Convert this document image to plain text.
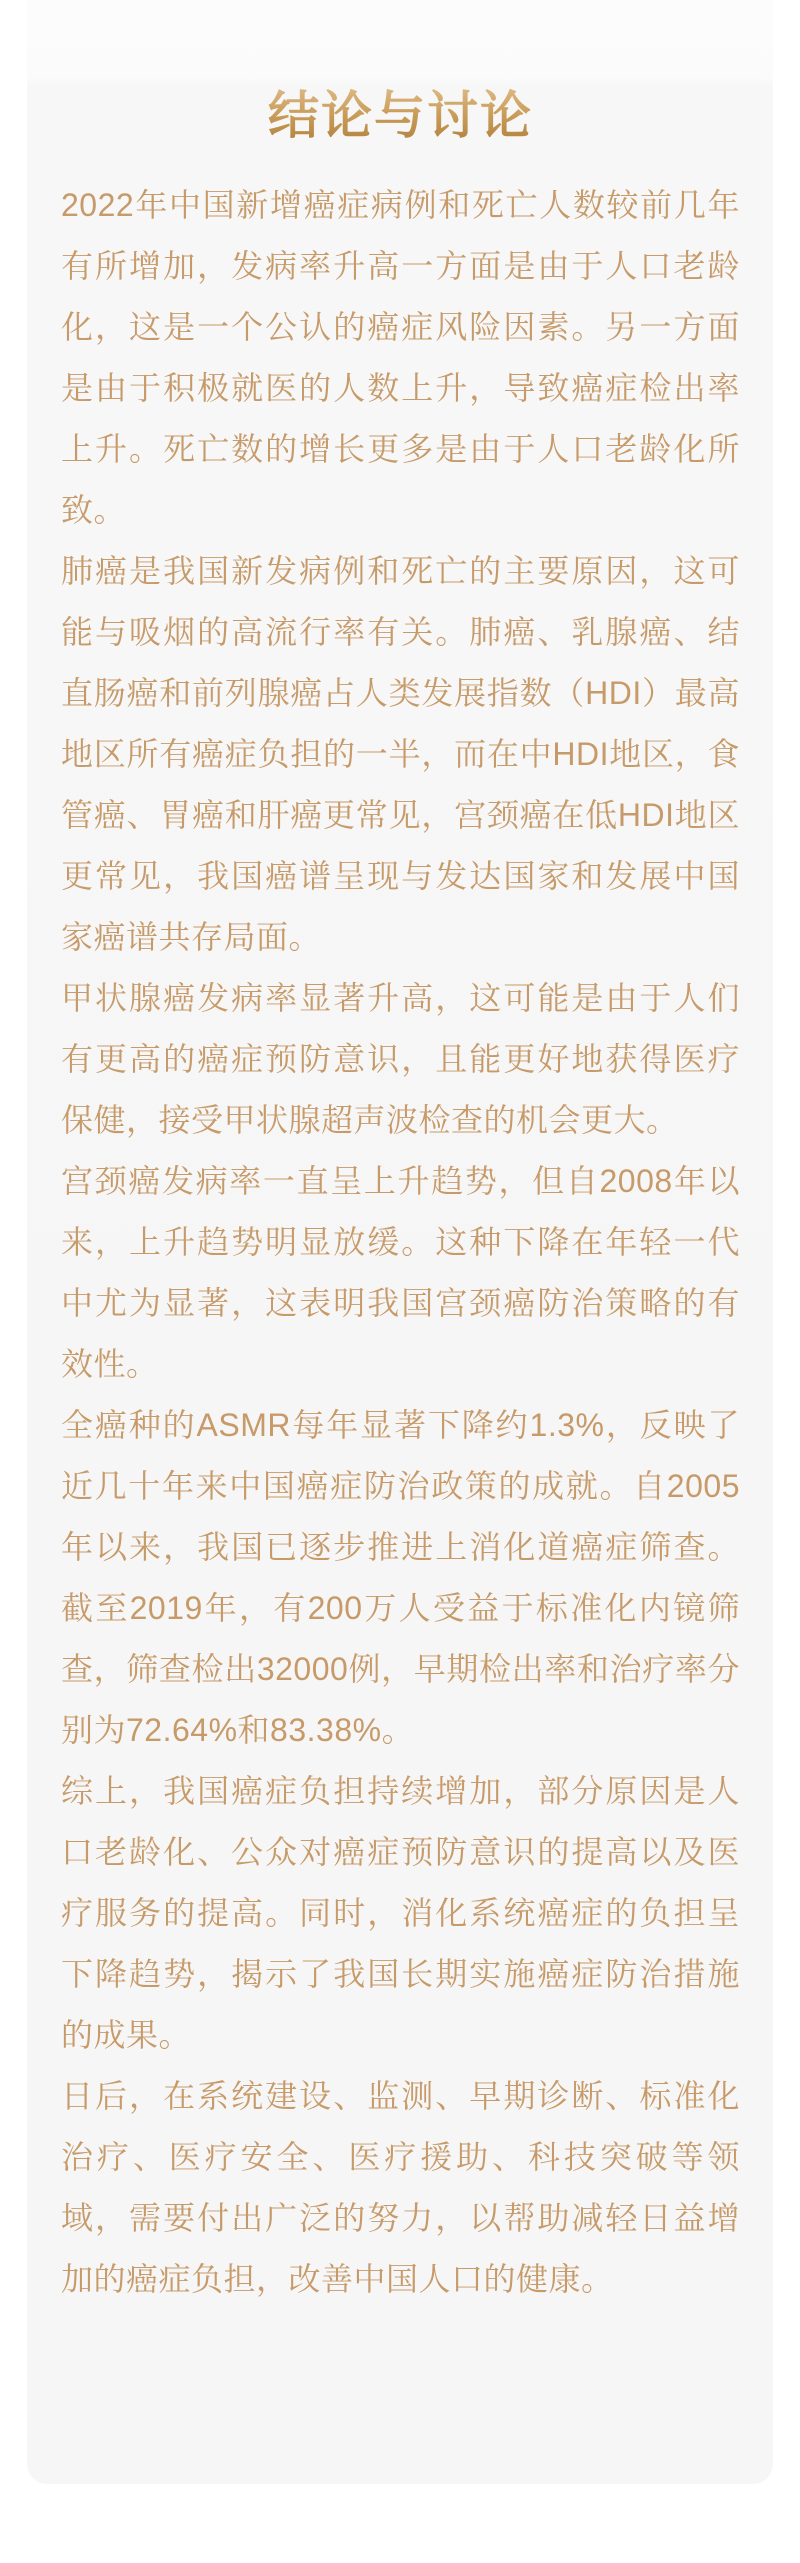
结论与讨论

2022年中国新增癌症病例和死亡人数较前几年有所增加，发病率升高一方面是由于人口老龄化，这是一个公认的癌症风险因素。另一方面是由于积极就医的人数上升，导致癌症检出率上升。死亡数的增长更多是由于人口老龄化所致。

肺癌是我国新发病例和死亡的主要原因，这可能与吸烟的高流行率有关。肺癌、乳腺癌、结直肠癌和前列腺癌占人类发展指数（HDI）最高地区所有癌症负担的一半，而在中HDI地区，食管癌、胃癌和肝癌更常见，宫颈癌在低HDI地区更常见，我国癌谱呈现与发达国家和发展中国家癌谱共存局面。

甲状腺癌发病率显著升高，这可能是由于人们有更高的癌症预防意识，且能更好地获得医疗保健，接受甲状腺超声波检查的机会更大。

宫颈癌发病率一直呈上升趋势，但自2008年以来，上升趋势明显放缓。这种下降在年轻一代中尤为显著，这表明我国宫颈癌防治策略的有效性。

全癌种的ASMR每年显著下降约1.3%，反映了近几十年来中国癌症防治政策的成就。自2005年以来，我国已逐步推进上消化道癌症筛查。截至2019年，有200万人受益于标准化内镜筛查，筛查检出32000例，早期检出率和治疗率分别为72.64%和83.38%。

综上，我国癌症负担持续增加，部分原因是人口老龄化、公众对癌症预防意识的提高以及医疗服务的提高。同时，消化系统癌症的负担呈下降趋势，揭示了我国长期实施癌症防治措施的成果。

日后，在系统建设、监测、早期诊断、标准化治疗、医疗安全、医疗援助、科技突破等领域，需要付出广泛的努力，以帮助减轻日益增加的癌症负担，改善中国人口的健康。
